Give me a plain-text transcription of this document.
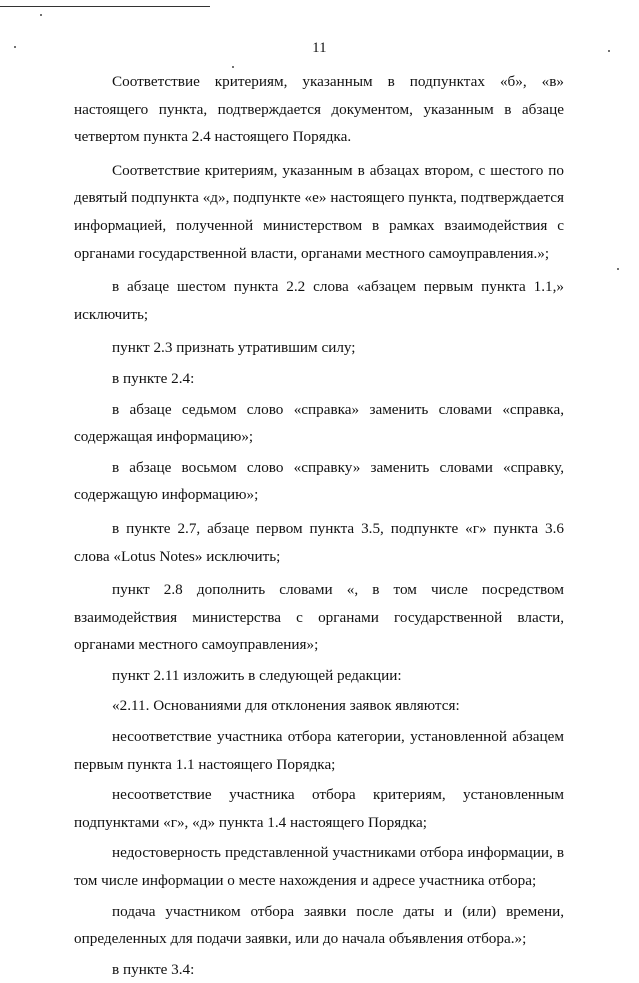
11

Соответствие критериям, указанным в подпунктах «б», «в» настоящего пункта, подтверждается документом, указанным в абзаце четвертом пункта 2.4 настоящего Порядка.

Соответствие критериям, указанным в абзацах втором, с шестого по девятый подпункта «д», подпункте «е» настоящего пункта, подтверждается информацией, полученной министерством в рамках взаимодействия с органами государственной власти, органами местного самоуправления.»;

в абзаце шестом пункта 2.2 слова «абзацем первым пункта 1.1,» исключить;

пункт 2.3 признать утратившим силу;

в пункте 2.4:

в абзаце седьмом слово «справка» заменить словами «справка, содержащая информацию»;

в абзаце восьмом слово «справку» заменить словами «справку, содержащую информацию»;

в пункте 2.7, абзаце первом пункта 3.5, подпункте «г» пункта 3.6 слова «Lotus Notes» исключить;

пункт 2.8 дополнить словами «, в том числе посредством взаимодействия министерства с органами государственной власти, органами местного самоуправления»;

пункт 2.11 изложить в следующей редакции:

«2.11. Основаниями для отклонения заявок являются:

несоответствие участника отбора категории, установленной абзацем первым пункта 1.1 настоящего Порядка;

несоответствие участника отбора критериям, установленным подпунктами «г», «д» пункта 1.4 настоящего Порядка;

недостоверность представленной участниками отбора информации, в том числе информации о месте нахождения и адресе участника отбора;

подача участником отбора заявки после даты и (или) времени, определенных для подачи заявки, или до начала объявления отбора.»;

в пункте 3.4:
